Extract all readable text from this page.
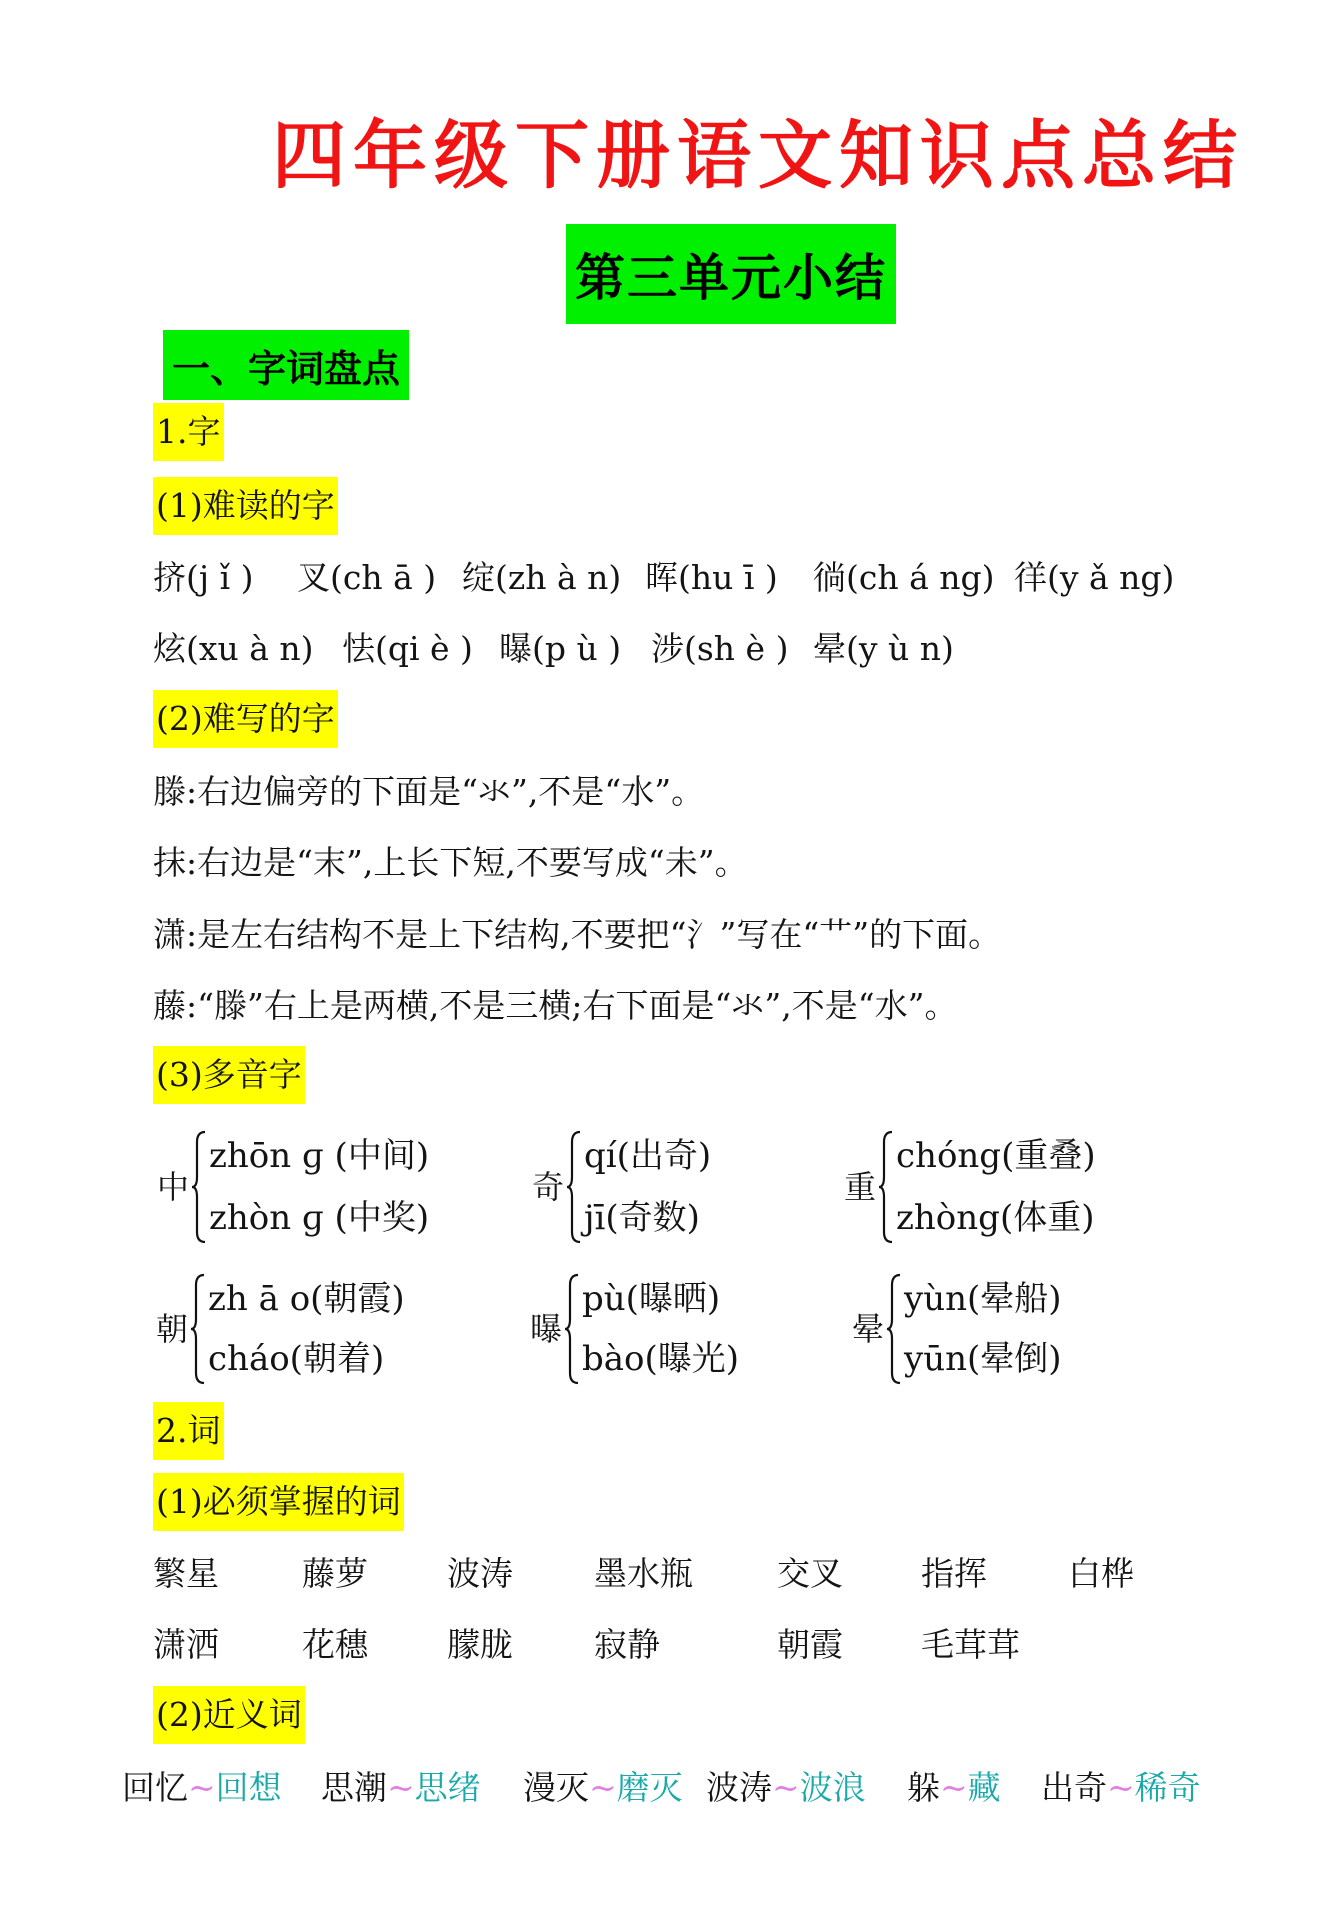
四年级下册语文知识点总结
第三单元小结
一、字词盘点
1.字
(1)难读的字
挤(j ǐ ) 叉(ch ā ) 绽(zh à n) 晖(hu ī ) 徜(ch á ng) 徉(y ǎ ng)
炫(xu à n) 怯(qi è ) 曝(p ù ) 涉(sh è ) 晕(y ù n)
(2)难写的字
滕:右边偏旁的下面是“氺”,不是“水”。
抹:右边是“末”,上长下短,不要写成“未”。
潇:是左右结构不是上下结构,不要把“氵”写在“艹”的下面。
藤:“滕”右上是两横,不是三横;右下面是“氺”,不是“水”。
(3)多音字
中
zhōn ɡ (中间)
zhòn ɡ (中奖)
奇
qí(出奇)
jī(奇数)
重
chóng(重叠)
zhòng(体重)
朝
zh ā o(朝霞)
cháo(朝着)
曝
pù(曝晒)
bào(曝光)
晕
yùn(晕船)
yūn(晕倒)
2.词
(1)必须掌握的词
繁星	藤萝 波涛 墨水瓶	交叉 指挥 白桦
潇洒	花穗 朦胧 寂静	朝霞 毛茸茸
(2)近义词
回忆~回想 思潮~思绪 漫灭~磨灭 波涛~波浪 躲~藏 出奇~稀奇
